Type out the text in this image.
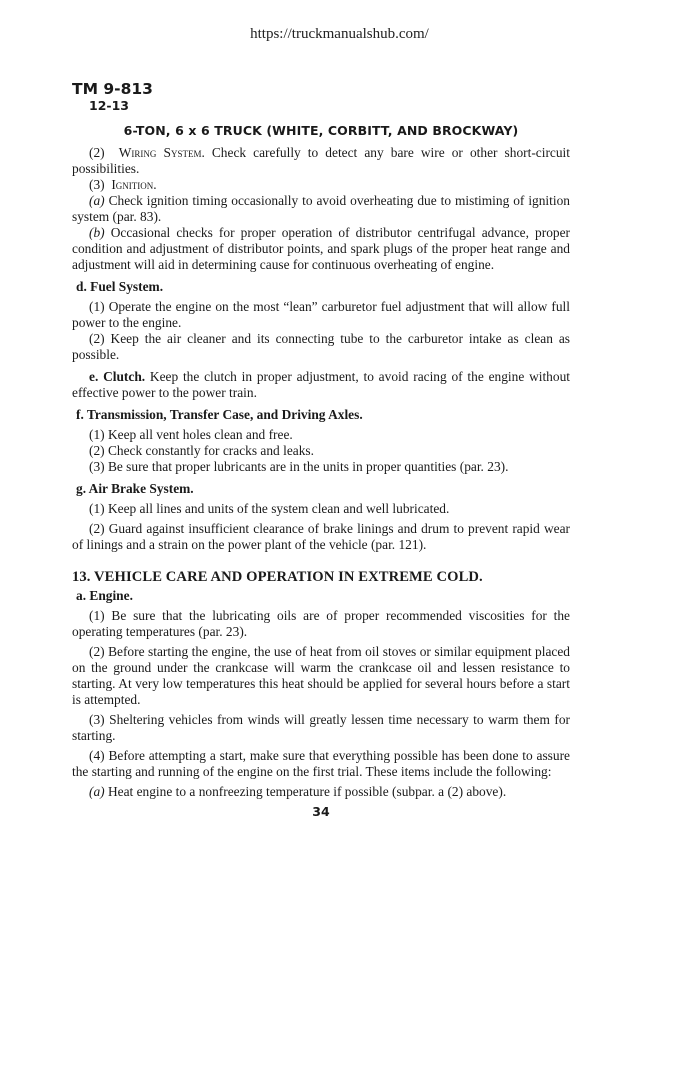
https://truckmanualshub.com/
TM 9-813
12-13
6-TON, 6 x 6 TRUCK (WHITE, CORBITT, AND BROCKWAY)

(2) Wiring System. Check carefully to detect any bare wire or other short-circuit possibilities.

(3) Ignition.

(a) Check ignition timing occasionally to avoid overheating due to mistiming of ignition system (par. 83).

(b) Occasional checks for proper operation of distributor centrifugal advance, proper condition and adjustment of distributor points, and spark plugs of the proper heat range and adjustment will aid in determining cause for continuous overheating of engine.

d. Fuel System.

(1) Operate the engine on the most “lean” carburetor fuel adjustment that will allow full power to the engine.

(2) Keep the air cleaner and its connecting tube to the carburetor intake as clean as possible.

e. Clutch. Keep the clutch in proper adjustment, to avoid racing of the engine without effective power to the power train.

f. Transmission, Transfer Case, and Driving Axles.

(1) Keep all vent holes clean and free.

(2) Check constantly for cracks and leaks.

(3) Be sure that proper lubricants are in the units in proper quantities (par. 23).

g. Air Brake System.

(1) Keep all lines and units of the system clean and well lubricated.

(2) Guard against insufficient clearance of brake linings and drum to prevent rapid wear of linings and a strain on the power plant of the vehicle (par. 121).

13. VEHICLE CARE AND OPERATION IN EXTREME COLD.

a. Engine.

(1) Be sure that the lubricating oils are of proper recommended viscosities for the operating temperatures (par. 23).

(2) Before starting the engine, the use of heat from oil stoves or similar equipment placed on the ground under the crankcase will warm the crankcase oil and lessen resistance to starting. At very low temperatures this heat should be applied for several hours before a start is attempted.

(3) Sheltering vehicles from winds will greatly lessen time necessary to warm them for starting.

(4) Before attempting a start, make sure that everything possible has been done to assure the starting and running of the engine on the first trial. These items include the following:

(a) Heat engine to a nonfreezing temperature if possible (subpar. a (2) above).

34
